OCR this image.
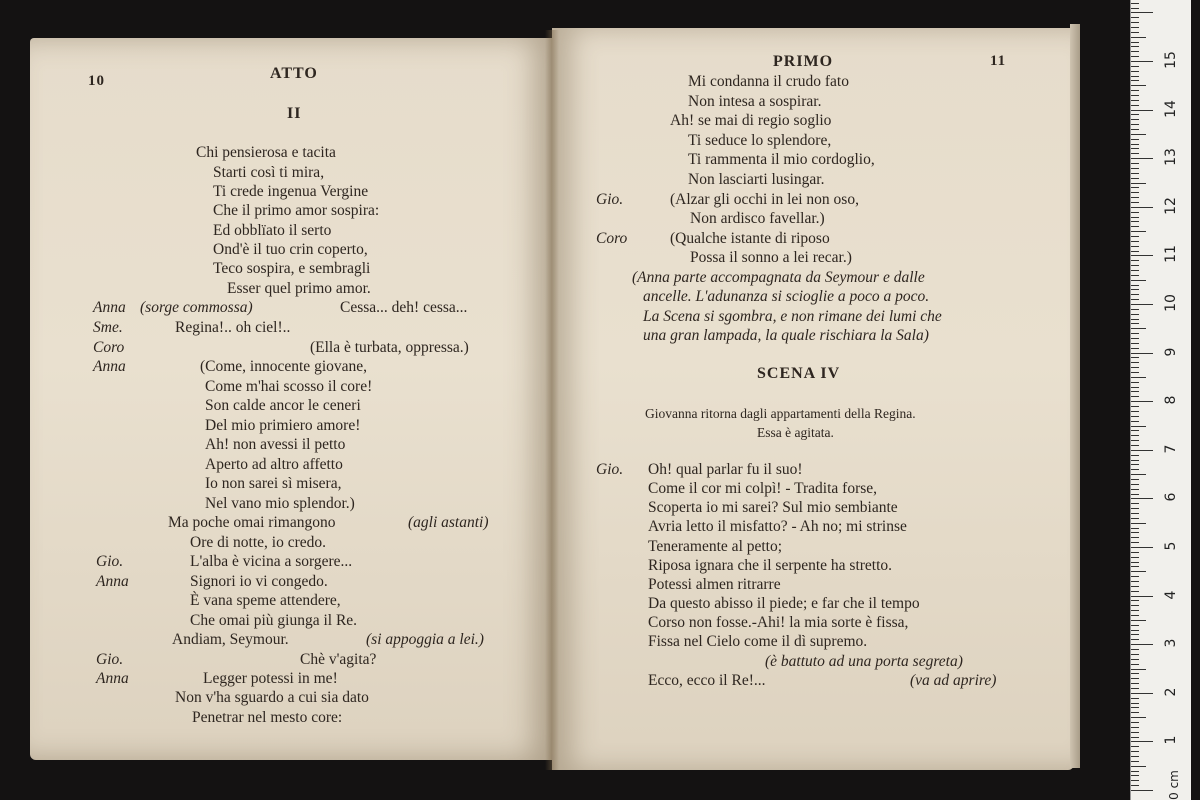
10	ATTO
II
Chi pensierosa e tacita
Starti così ti mira,
Ti crede ingenua Vergine
Che il primo amor sospira:
Ed obblïato il serto
Ond'è il tuo crin coperto,
Teco sospira, e sembragli
Esser quel primo amor.
Anna (sorge commossa)	Cessa... deh! cessa...
Sme.	Regina!.. oh ciel!..
Coro	(Ella è turbata, oppressa.)
Anna	(Come, innocente giovane,
Come m'hai scosso il core!
Son calde ancor le ceneri
Del mio primiero amore!
Ah! non avessi il petto
Aperto ad altro affetto
Io non sarei sì misera,
Nel vano mio splendor.)
Ma poche omai rimangono	(agli astanti)
Ore di notte, io credo.
Gio.	L'alba è vicina a sorgere...
Anna	Signori io vi congedo.
È vana speme attendere,
Che omai più giunga il Re.
Andiam, Seymour.	(si appoggia a lei.)
Gio.	Chè v'agita?
Anna	Legger potessi in me!
Non v'ha sguardo a cui sia dato
Penetrar nel mesto core:
PRIMO	11
Mi condanna il crudo fato
Non intesa a sospirar.
Ah! se mai di regio soglio
Ti seduce lo splendore,
Ti rammenta il mio cordoglio,
Non lasciarti lusingar.
Gio.	(Alzar gli occhi in lei non oso,
Non ardisco favellar.)
Coro	(Qualche istante di riposo
Possa il sonno a lei recar.)
(Anna parte accompagnata da Seymour e dalle
ancelle. L'adunanza si scioglie a poco a poco.
La Scena si sgombra, e non rimane dei lumi che
una gran lampada, la quale rischiara la Sala)
SCENA IV
Giovanna ritorna dagli appartamenti della Regina.
Essa è agitata.
Gio. Oh! qual parlar fu il suo!
Come il cor mi colpì! - Tradita forse,
Scoperta io mi sarei? Sul mio sembiante
Avria letto il misfatto? - Ah no; mi strinse
Teneramente al petto;
Riposa ignara che il serpente ha stretto.
Potessi almen ritrarre
Da questo abisso il piede; e far che il tempo
Corso non fosse.-Ahi! la mia sorte è fissa,
Fissa nel Cielo come il dì supremo.
(è battuto ad una porta segreta)
Ecco, ecco il Re!...	(va ad aprire)
1
2
3
4
5
6
7
8
9
10
11
12
13
14
15
0 cm
